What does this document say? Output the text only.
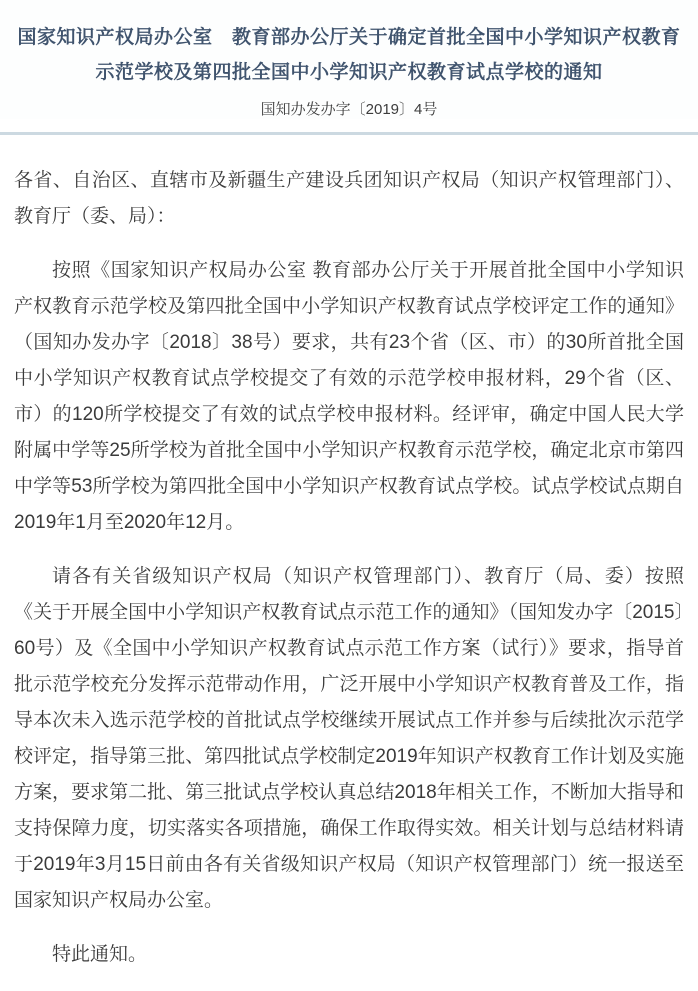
国家知识产权局办公室　教育部办公厅关于确定首批全国中小学知识产权教育示范学校及第四批全国中小学知识产权教育试点学校的通知
国知办发办字〔2019〕4号

各省、自治区、直辖市及新疆生产建设兵团知识产权局（知识产权管理部门）、教育厅（委、局）：

按照《国家知识产权局办公室 教育部办公厅关于开展首批全国中小学知识产权教育示范学校及第四批全国中小学知识产权教育试点学校评定工作的通知》（国知办发办字〔2018〕38号）要求，共有23个省（区、市）的30所首批全国中小学知识产权教育试点学校提交了有效的示范学校申报材料，29个省（区、市）的120所学校提交了有效的试点学校申报材料。经评审，确定中国人民大学附属中学等25所学校为首批全国中小学知识产权教育示范学校，确定北京市第四中学等53所学校为第四批全国中小学知识产权教育试点学校。试点学校试点期自2019年1月至2020年12月。

请各有关省级知识产权局（知识产权管理部门）、教育厅（局、委）按照《关于开展全国中小学知识产权教育试点示范工作的通知》（国知发办字〔2015〕60号）及《全国中小学知识产权教育试点示范工作方案（试行）》要求，指导首批示范学校充分发挥示范带动作用，广泛开展中小学知识产权教育普及工作，指导本次未入选示范学校的首批试点学校继续开展试点工作并参与后续批次示范学校评定，指导第三批、第四批试点学校制定2019年知识产权教育工作计划及实施方案，要求第二批、第三批试点学校认真总结2018年相关工作，不断加大指导和支持保障力度，切实落实各项措施，确保工作取得实效。相关计划与总结材料请于2019年3月15日前由各有关省级知识产权局（知识产权管理部门）统一报送至国家知识产权局办公室。

特此通知。
